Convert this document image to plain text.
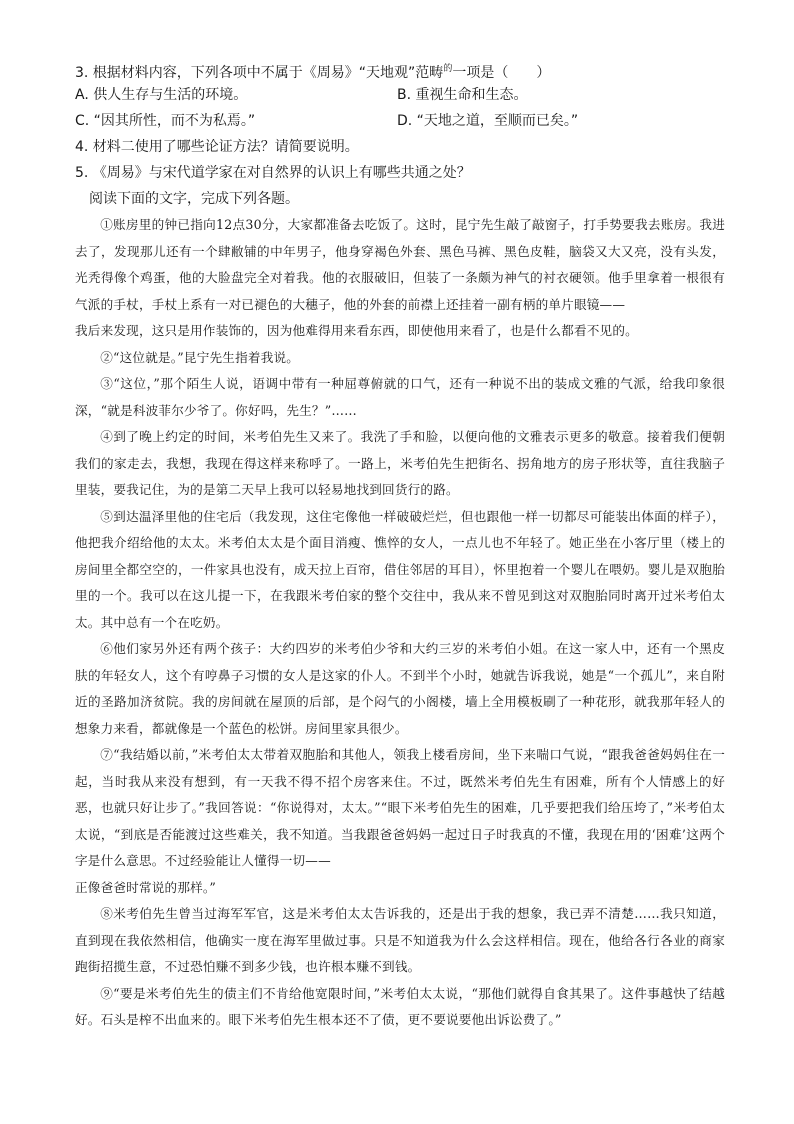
3. 根据材料内容，下列各项中不属于《周易》“天地观”范畴$^的$一项是（　　）
A. 供人生存与生活的环境。	B. 重视生命和生态。
C. “因其所性，而不为私焉。”	D. “天地之道，至顺而已矣。”
4. 材料二使用了哪些论证方法？请简要说明。
5. 《周易》与宋代道学家在对自然界的认识上有哪些共通之处？
阅读下面的文字，完成下列各题。

①账房里的钟已指向12点30分，大家都准备去吃饭了。这时，昆宁先生敲了敲窗子，打手势要我去账房。我进去了，发现那儿还有一个肆敝铺的中年男子，他身穿褐色外套、黑色马裤、黑色皮鞋，脑袋又大又亮，没有头发，光秃得像个鸡蛋，他的大脸盘完全对着我。他的衣服破旧，但装了一条颇为神气的衬衣硬领。他手里拿着一根很有气派的手杖，手杖上系有一对已褪色的大穗子，他的外套的前襟上还挂着一副有柄的单片眼镜——

我后来发现，这只是用作装饰的，因为他难得用来看东西，即使他用来看了，也是什么都看不见的。

②“这位就是。”昆宁先生指着我说。

③“这位，”那个陌生人说，语调中带有一种屈尊俯就的口气，还有一种说不出的装成文雅的气派，给我印象很深，“就是科波菲尔少爷了。你好吗，先生？”……

④到了晚上约定的时间，米考伯先生又来了。我洗了手和脸，以便向他的文雅表示更多的敬意。接着我们便朝我们的家走去，我想，我现在得这样来称呼了。一路上，米考伯先生把街名、拐角地方的房子形状等，直往我脑子里装，要我记住，为的是第二天早上我可以轻易地找到回货行的路。

⑤到达温泽里他的住宅后（我发现，这住宅像他一样破破烂烂，但也跟他一样一切都尽可能装出体面的样子），他把我介绍给他的太太。米考伯太太是个面目消瘦、憔悴的女人，一点儿也不年轻了。她正坐在小客厅里（楼上的房间里全都空空的，一件家具也没有，成天拉上百帘，借住邻居的耳目），怀里抱着一个婴儿在喂奶。婴儿是双胞胎里的一个。我可以在这儿提一下，在我跟米考伯家的整个交往中，我从来不曾见到这对双胞胎同时离开过米考伯太太。其中总有一个在吃奶。

⑥他们家另外还有两个孩子：大约四岁的米考伯少爷和大约三岁的米考伯小姐。在这一家人中，还有一个黑皮肤的年轻女人，这个有哼鼻子习惯的女人是这家的仆人。不到半个小时，她就告诉我说，她是“一个孤儿”，来自附近的圣路加济贫院。我的房间就在屋顶的后部，是个闷气的小阁楼，墙上全用模板刷了一种花形，就我那年轻人的想象力来看，都就像是一个蓝色的松饼。房间里家具很少。

⑦“我结婚以前，”米考伯太太带着双胞胎和其他人，领我上楼看房间，坐下来喘口气说，“跟我爸爸妈妈住在一起，当时我从来没有想到，有一天我不得不招个房客来住。不过，既然米考伯先生有困难，所有个人情感上的好恶，也就只好让步了。”我回答说：“你说得对，太太。”“眼下米考伯先生的困难，几乎要把我们给压垮了，”米考伯太太说，“到底是否能渡过这些难关，我不知道。当我跟爸爸妈妈一起过日子时我真的不懂，我现在用的‘困难’这两个字是什么意思。不过经验能让人懂得一切——

正像爸爸时常说的那样。”

⑧米考伯先生曾当过海军军官，这是米考伯太太告诉我的，还是出于我的想象，我已弄不清楚……我只知道，直到现在我依然相信，他确实一度在海军里做过事。只是不知道我为什么会这样相信。现在，他给各行各业的商家跑街招揽生意，不过恐怕赚不到多少钱，也许根本赚不到钱。

⑨“要是米考伯先生的债主们不肯给他宽限时间，”米考伯太太说，“那他们就得自食其果了。这件事越快了结越好。石头是榨不出血来的。眼下米考伯先生根本还不了债，更不要说要他出诉讼费了。”
